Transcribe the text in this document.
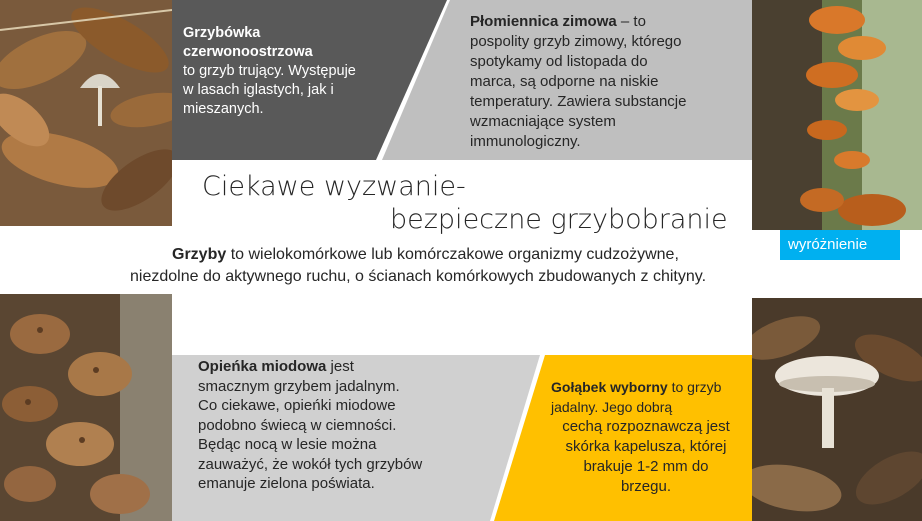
Grzybówka
czerwonoostrzowa
to grzyb trujący. Występuje
w lasach iglastych, jak i
mieszanych.
Płomiennica zimowa – to
pospolity grzyb zimowy, którego
spotykamy od listopada do
marca, są odporne na niskie
temperatury. Zawiera substancje
wzmacniające system
immunologiczny.
Ciekawe wyzwanie-
bezpieczne grzybobranie
wyróżnienie
Grzyby to wielokomórkowe lub komórczakowe organizmy cudzożywne,
niezdolne do aktywnego ruchu, o ścianach komórkowych zbudowanych z chityny.
Opieńka miodowa jest
smacznym grzybem jadalnym.
Co ciekawe, opieńki miodowe
podobno świecą w ciemności.
Będąc nocą w lesie można
zauważyć, że wokół tych grzybów
emanuje zielona poświata.
Gołąbek wyborny to grzyb
jadalny. Jego dobrą
cechą rozpoznawczą jest
skórka kapelusza, której
brakuje 1-2 mm do
brzegu.
